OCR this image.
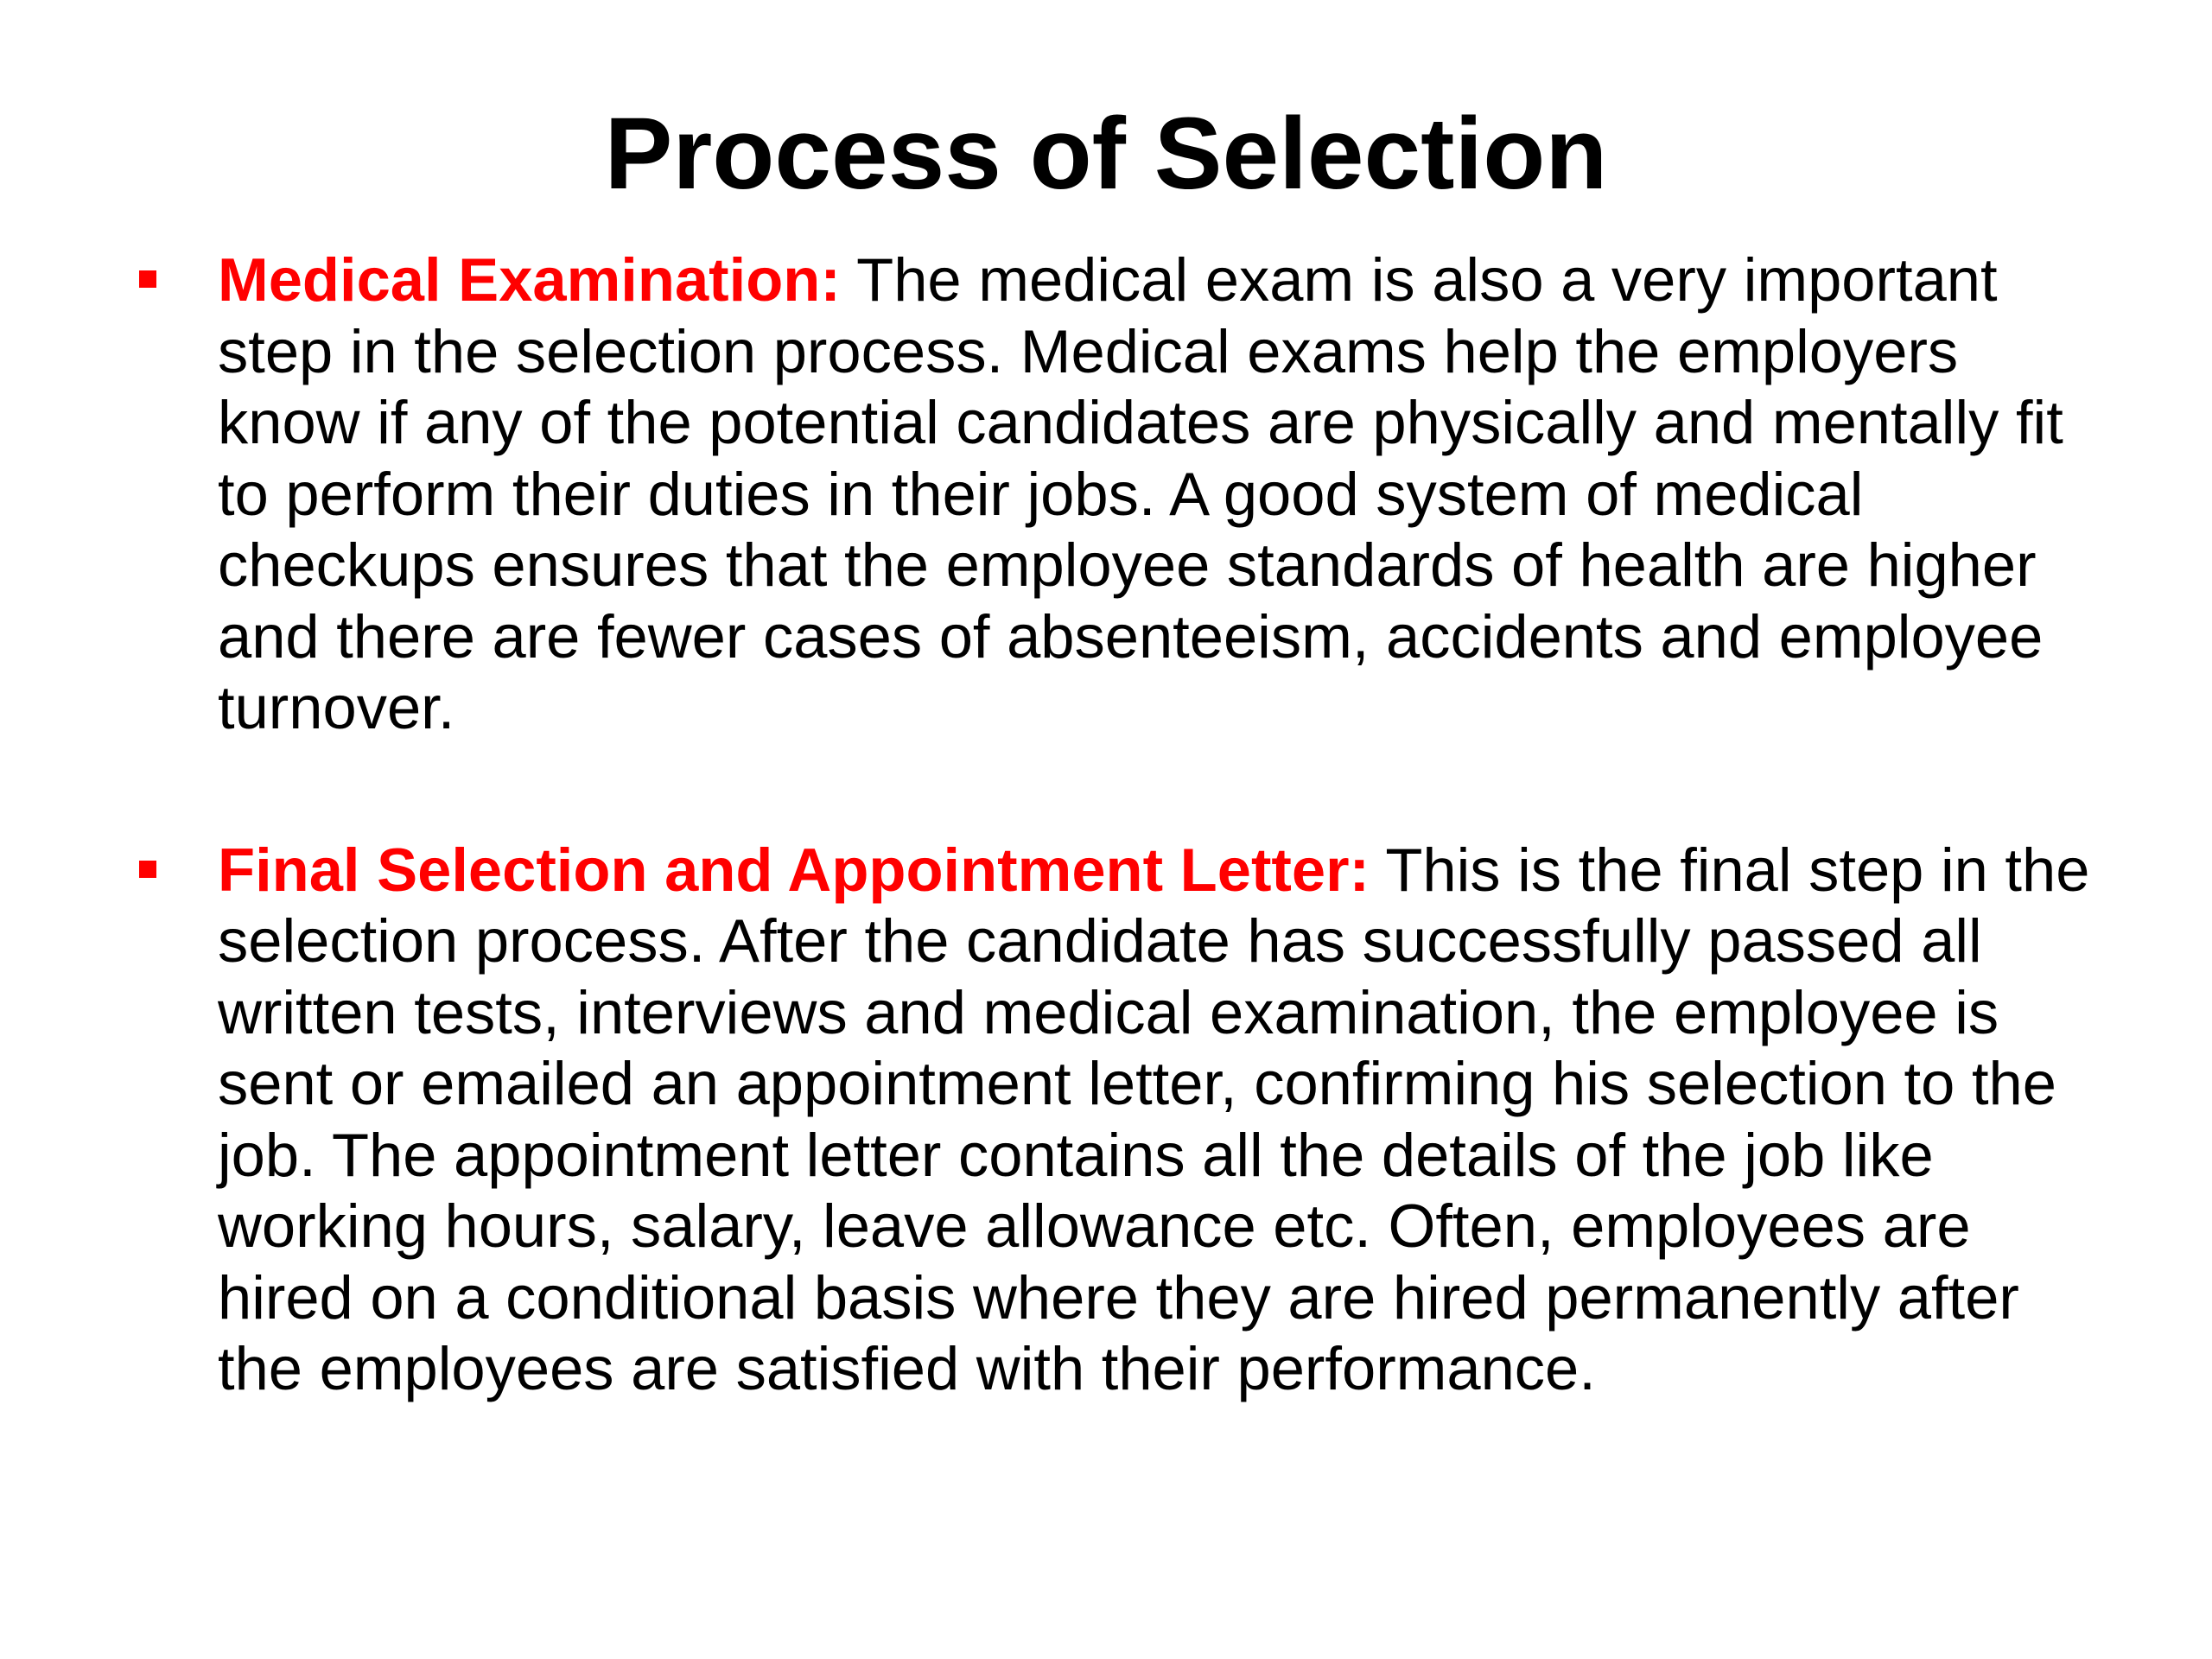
Process of Selection
Medical Examination: The medical exam is also a very important step in the selection process. Medical exams help the employers know if any of the potential candidates are physically and mentally fit to perform their duties in their jobs. A good system of medical checkups ensures that the employee standards of health are higher and there are fewer cases of absenteeism, accidents and employee turnover.
Final Selection and Appointment Letter: This is the final step in the selection process. After the candidate has successfully passed all written tests, interviews and medical examination, the employee is sent or emailed an appointment letter, confirming his selection to the job. The appointment letter contains all the details of the job like working hours, salary, leave allowance etc. Often, employees are hired on a conditional basis where they are hired permanently after the employees are satisfied with their performance.
